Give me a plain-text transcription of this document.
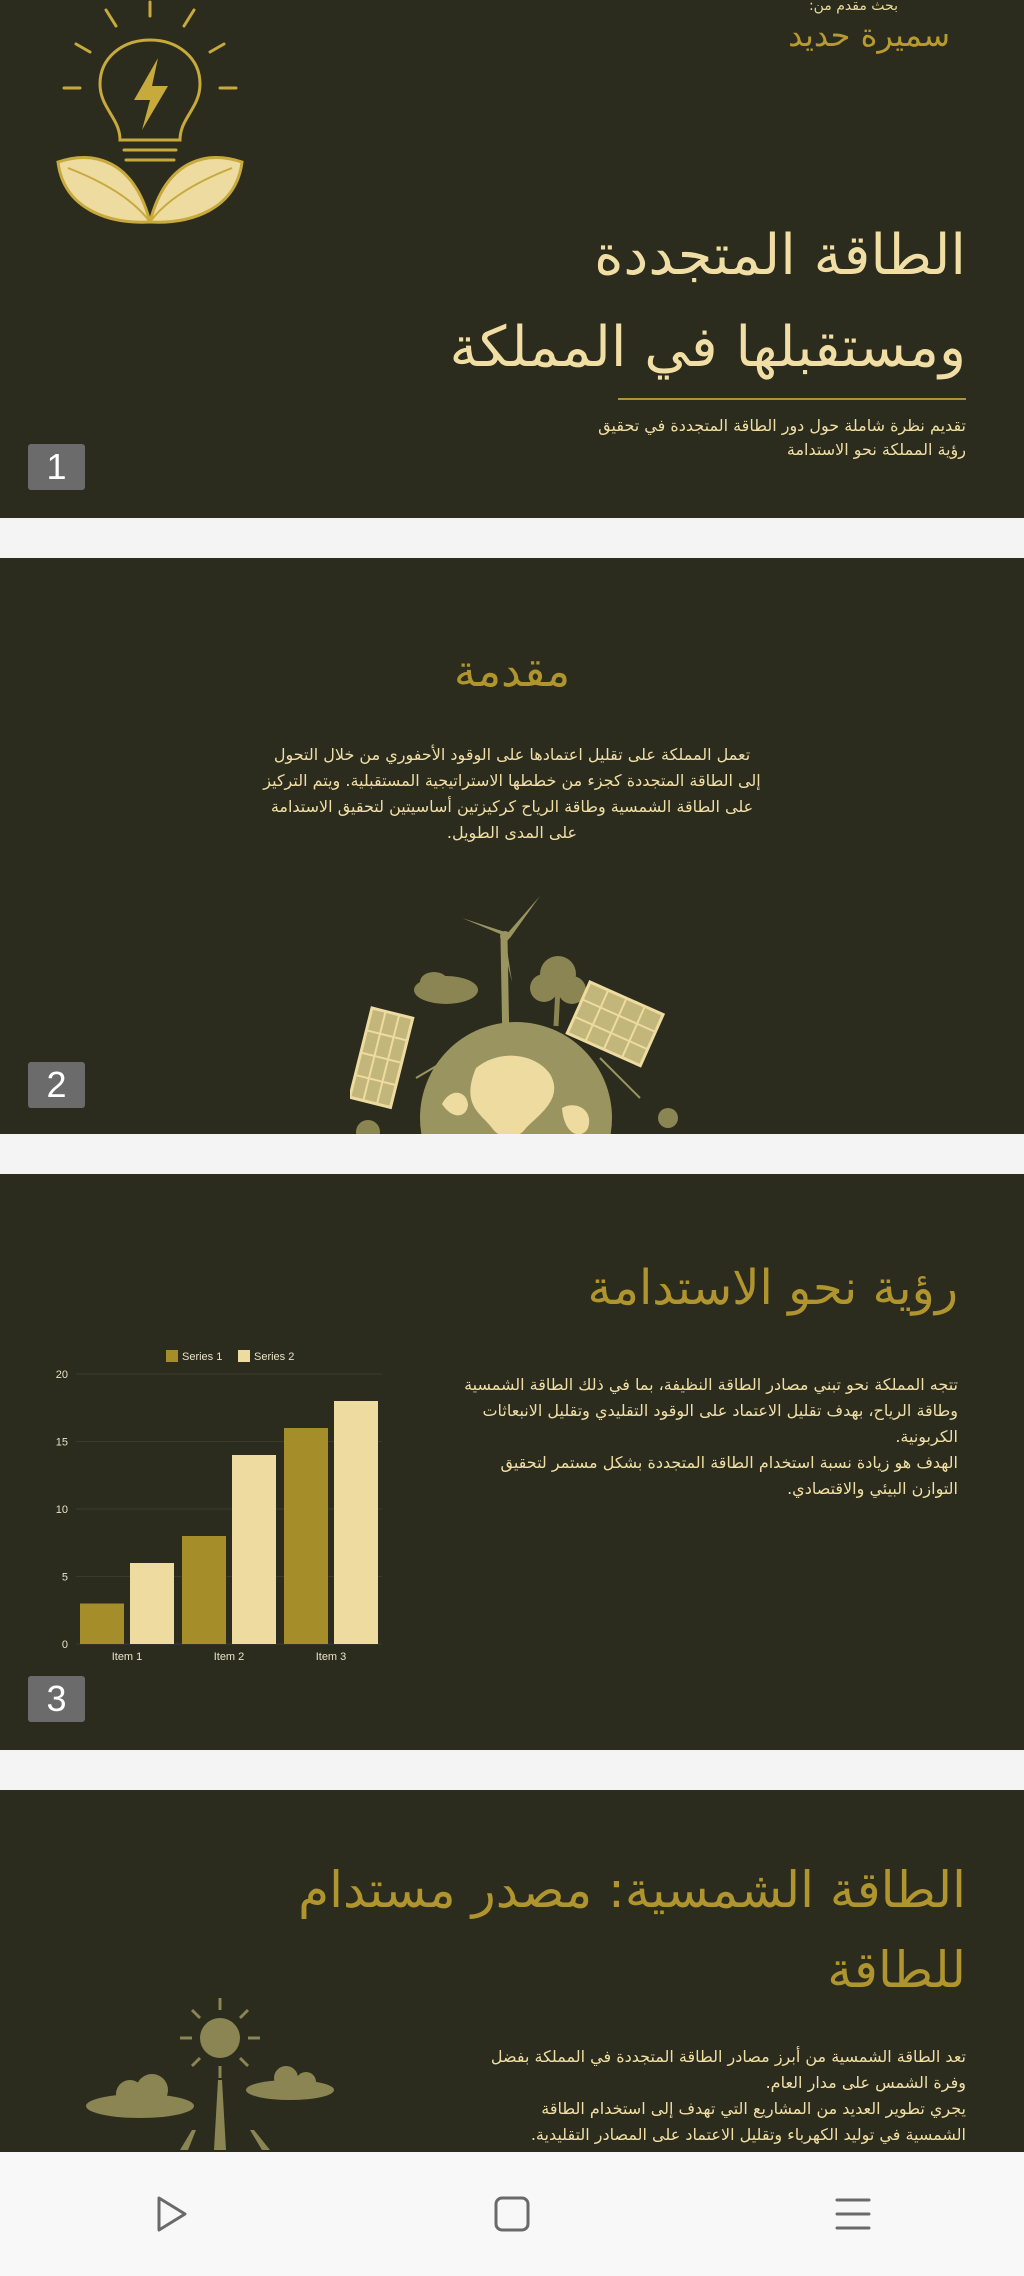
بحث مقدم من:
سميرة حديد
الطاقة المتجددة
ومستقبلها في المملكة
تقديم نظرة شاملة حول دور الطاقة المتجددة في تحقيق رؤية المملكة نحو الاستدامة
1
مقدمة
تعمل المملكة على تقليل اعتمادها على الوقود الأحفوري من خلال التحول إلى الطاقة المتجددة كجزء من خططها الاستراتيجية المستقبلية. ويتم التركيز على الطاقة الشمسية وطاقة الرياح كركيزتين أساسيتين لتحقيق الاستدامة على المدى الطويل.
2
رؤية نحو الاستدامة
Series 1	Series 2
0
5
10
15
20
Item 1	Item 2	Item 3
تتجه المملكة نحو تبني مصادر الطاقة النظيفة، بما في ذلك الطاقة الشمسية وطاقة الرياح، بهدف تقليل الاعتماد على الوقود التقليدي وتقليل الانبعاثات الكربونية.
الهدف هو زيادة نسبة استخدام الطاقة المتجددة بشكل مستمر لتحقيق التوازن البيئي والاقتصادي.
3
الطاقة الشمسية: مصدر مستدام للطاقة
تعد الطاقة الشمسية من أبرز مصادر الطاقة المتجددة في المملكة بفضل وفرة الشمس على مدار العام.
يجري تطوير العديد من المشاريع التي تهدف إلى استخدام الطاقة الشمسية في توليد الكهرباء وتقليل الاعتماد على المصادر التقليدية.
